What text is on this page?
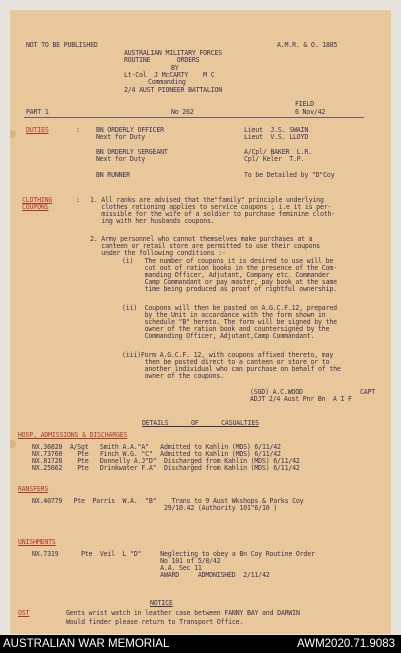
NOT TO BE PUBLISHED	A.M.R. & O. 1885
AUSTRALIAN MILITARY FORCES
ROUTINE       ORDERS
BY
Lt-Col  J McCARTY    M C
Commanding
2/4 AUST PIONEER BATTALION
FIELD
PART 1	No 262	6 Nov/42
DUTIES	: BN ORDERLY OFFICER	Lieut  J.S. SWAIN
Next for Duty	Lieut  V.S. LLOYD
BN ORDERLY SERGEANT	A/Cpl/ BAKER  L.R.
Next for Duty	Cpl/ Keler  T.P.
BN RUNNER	To be Detailed by "D"Coy
CLOTHING
COUPONS
: 1. All ranks are advised that the"family" principle underlying
clothes rationing applies to service coupons ; i.e it is per-
missible for the wife of a soldier to purchase feminine cloth-
ing with her husbands coupons.
2. Army personnel who cannot themselves make purchases at a
canteen or retail store are permitted to use their coupons
under the following conditions :-
(i)   The number of coupons it is desired to use will be
cut out of ration books in the presence of the Com-
manding Officer, Adjutant, Company etc. Commander
Camp Commandant or pay master, pay book at the same
time being produced as proof of rightful ownership.
(ii)  Coupons will then be pasted on A.G.C.F.12, prepared
by the Unit in accordance with the form shown in
schedule "B" hereto. The form will be signed by the
owner of the ration book and countersigned by the
Commanding Officer, Adjutant,Camp Commandant.
(iii)Form A.G.C.F. 12, with coupons affixed thereto, may
then be posted direct to a canteen or store or to
another individual who can purchase on behalf of the
owner of the coupons.
(SGD) A.C.WOOD	CAPT
ADJT 2/4 Aust Pnr Bn  A I F
DETAILS      OF      CASUALTIES
HOSP, ADMISSIONS & DISCHARGES
NX.36820  A/Sgt   Smith A.A."A"   Admitted to Kahlin (MDS) 6/11/42
NX.73760    Pte   Finch W.G. "C"  Admitted to Kahlin (MDS) 6/11/42
NX.81728    Pte   Donnelly A.J"D"  Discharged from Kahlin (MDS) 6/11/42
NX.25662    Pte   Drinkwater F.A"  Discharged from Kahlin (MDS) 6/11/42
RANSFERS
NX.40779   Pte  Parris  W.A.  "B"    Trans to 9 Aust Wkshops & Parks Coy
29/10.42 (Authority 101"6/10 )
UNISHMENTS
NX.7319      Pte  Veil  L "D"     Neglecting to obey a Bn Coy Routine Order
No 101 of 5/8/42
A.A. Sec 11
AWARD     ADMONISHED  2/11/42
NOTICE
OST	Gents wrist watch in leather case between FANNY BAY and DARWIN
Would finder please return to Transport Office.
AUSTRALIAN WAR MEMORIAL	AWM2020.71.9083
